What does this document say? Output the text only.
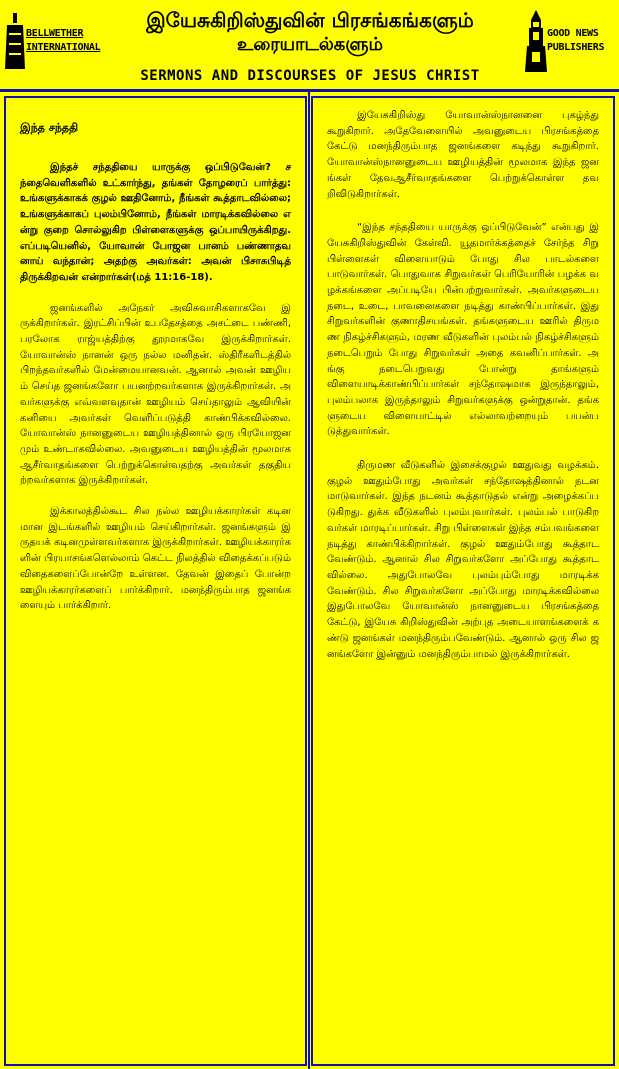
BELLWETHER
INTERNATIONAL
இயேசுகிறிஸ்துவின் பிரசங்கங்களும்
உரையாடல்களும்
SERMONS AND DISCOURSES OF JESUS CHRIST
GOOD NEWS
PUBLISHERS
இந்த சந்ததி

இந்தச் சந்ததியை யாருக்கு ஒப்பிடுவேன்? சந்தைவெளிகளில் உட்கார்ந்து, தங்கள் தோழரைப் பார்த்து: உங்களுக்காகக் குழல் ஊதினோம், நீங்கள் கூத்தாடவில்லை; உங்களுக்காகப் புலம்பினோம், நீங்கள் மாரடிக்கவில்லை என்று குறை சொல்லுகிற பிள்ளைகளுக்கு ஒப்பாயிருக்கிறது. எப்படியெனில், யோவான் போஜன பானம் பண்ணாதவனாய் வந்தான்; அதற்கு அவர்கள்: அவன் பிசாசுபிடித் திருக்கிறவன் என்றார்கள்(மத் 11:16-18).

ஜனங்களில் அநேகர் அவிசுவாசிகளாகவே இருக்கிறார்கள். இரட்சிப்பின் உபதேசத்தை அசட்டை பண்ணி, பரலோக ராஜ்யத்திற்கு தூரமாகவே இருக்கிறார்கள். யோவான்ஸ் நானன் ஒரு நல்ல மனிதன். ஸ்திரீகளிடத்தில் பிறந்தவர்களில் மேன்மையானவன். ஆனால் அவன் ஊழியம் செய்த ஜனங்களோ பயனற்றவர்களாக இருக்கிறார்கள். அவர்களுக்கு எவ்வளவுதான் ஊழியம் செய்தாலும் ஆவியின் கனியை அவர்கள் வெளிப்படுத்தி காண்பிக்கவில்லை. யோவான்ஸ் நானனுடைய ஊழியத்தினால் ஒரு பிரயோஜனமும் உண்டாகவில்லை. அவனுடைய ஊழியத்தின் மூலமாக ஆசீர்வாதங்களை பெற்றுக்கொள்வதற்கு அவர்கள் தகுதியற்றவர்களாக இருக்கிறார்கள்.

இக்காலத்தில்கூட சில நல்ல ஊழியக்காரர்கள் கடினமான இடங்களில் ஊழியம் செய்கிறார்கள். ஜனங்களும் இருதயக் கடினமுள்ளவர்களாக இருக்கிறார்கள். ஊழியக்காரர்களின் பிரயாசங்களெல்லாம் கெட்ட நிலத்தில் விதைக்கப்படும் விதைகளைப்போன்றே உள்ளன. தேவன் இதைப் போன்ற ஊழியக்காரர்களைப் பார்க்கிறார். மனந்திரும்பாத ஜனங்களையும் பார்க்கிறார்.

இயேசுகிறிஸ்து யோவான்ஸ்நானனை புகழ்ந்து கூறுகிறார். அதேவேளையில் அவனுடைய பிரசங்கத்தை கேட்டு மனந்திரும்பாத ஜனங்களை கடிந்து கூறுகிறார். யோவான்ஸ்நானனுடைய ஊழியத்தின் மூலமாக இந்த ஜனங்கள் தேவஆசீர்வாதங்களை பெற்றுக்கொள்ள தவறிவிடுகிறார்கள்.

“இந்த சந்ததியை யாருக்கு ஒப்பிடுவேன்” என்பது இயேசுகிறிஸ்துவின் கேள்வி. யூதமார்க்கத்தைச் சேர்ந்த சிறு பிள்ளைகள் விளையாடும் போது சில பாடல்களை பாடுவார்கள். பொதுவாக சிறுவர்கள் பெரியோரின் பழக்க வழக்கங்களை அப்படியே பின்பற்றுவார்கள். அவர்களுடைய நடை, உடை, பாவனைகளை நடித்து காண்பிப்பார்கள். இது சிறுவர்களின் குணாதிசயங்கள். தங்களுடைய ஊரில் திருமண நிகழ்ச்சிகளும், மரண வீடுகளின் புலம்பல் நிகழ்ச்சிகளும் நடைபெறும் போது சிறுவர்கள் அதை கவனிப்பார்கள். அங்கு நடைபெறுவது போன்று தாங்களும் விளையாடிக்காண்பிப்பார்கள் சந்தோஷமாக இருந்தாலும், புலம்பலாக இருந்தாலும் சிறுவர்களுக்கு ஒன்றுதான். தங்களுடைய விளையாட்டில் எல்லாவற்றையும் பயன்படுத்துவார்கள்.

திருமண வீடுகளில் இசைக்குழல் ஊதுவது வழக்கம். குழல் ஊதும்போது அவர்கள் சந்தோஷத்தினால் நடன மாடுவார்கள். இந்த நடனம் கூத்தாடுதல் என்று அழைக்கப்படுகிறது. துக்க வீடுகளில் புலம்புவார்கள். புலம்பல் பாடுகிறவர்கள் மாரடிப்பார்கள். சிறு பிள்ளைகள் இந்த சம்பவங்களை நடித்து காண்பிக்கிறார்கள். குழல் ஊதும்போது கூத்தாடவேண்டும். ஆனால் சில சிறுவர்களோ அப்போது கூத்தாடவில்லை. அதுபோலவே புலம்பும்போது மாரடிக்க வேண்டும். சில சிறுவர்களோ அப்போது மாரடிக்கவில்லை இதுபோலவே யோவான்ஸ் நானனுடைய பிரசங்கத்தை கேட்டு, இயேசு கிறிஸ்துவின் அற்புத அடையாளங்களைக் கண்டு ஜனங்கள் மனந்திரும்பவேண்டும். ஆனால் ஒரு சில ஜனங்களோ இன்னும் மனந்திரும்பாமல் இருக்கிறார்கள்.
